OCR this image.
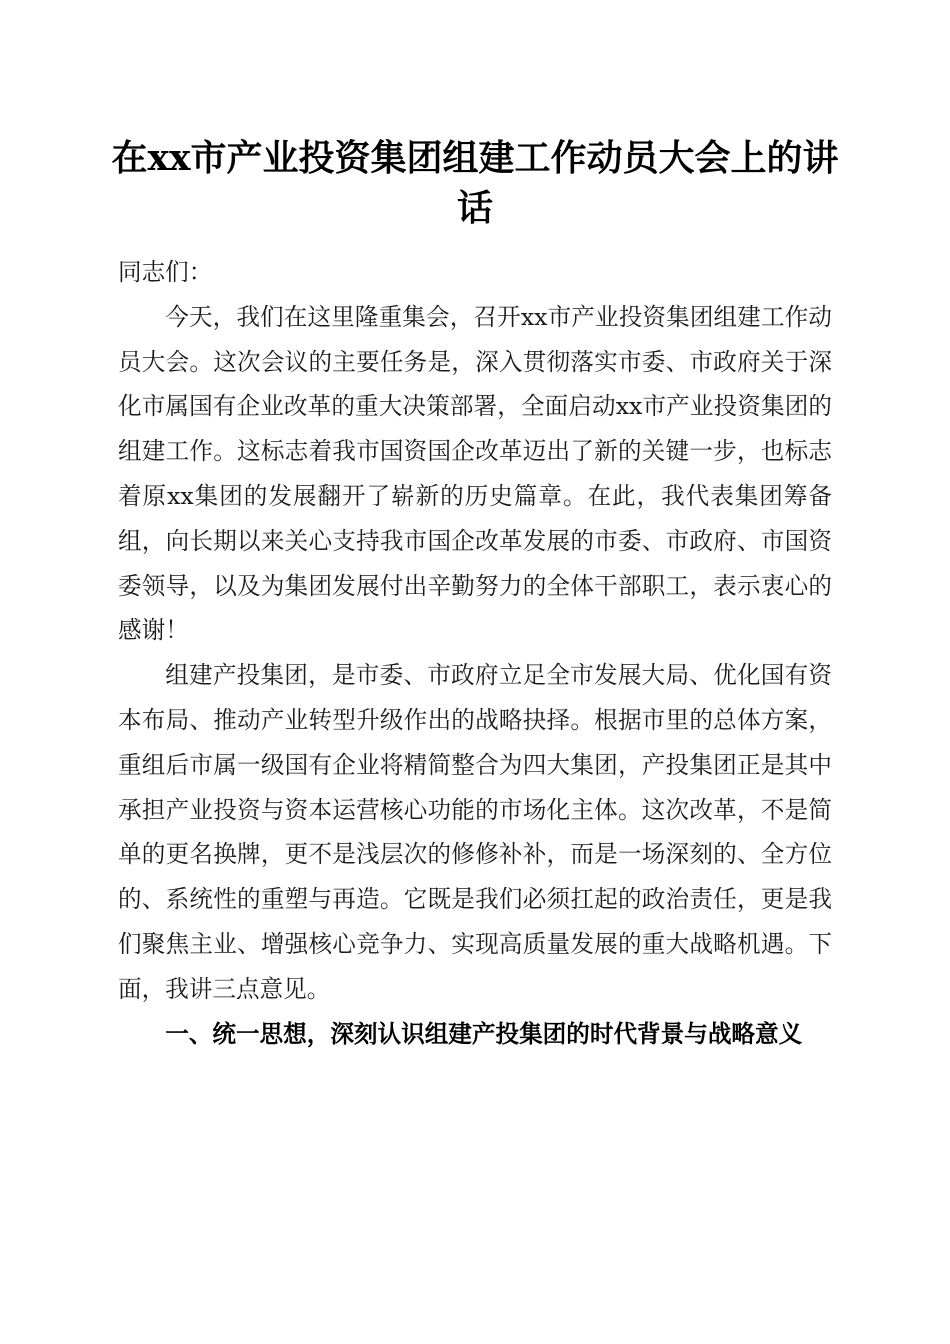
在xx市产业投资集团组建工作动员大会上的讲话

同志们：

今天，我们在这里隆重集会，召开xx市产业投资集团组建工作动员大会。这次会议的主要任务是，深入贯彻落实市委、市政府关于深化市属国有企业改革的重大决策部署，全面启动xx市产业投资集团的组建工作。这标志着我市国资国企改革迈出了新的关键一步，也标志着原xx集团的发展翻开了崭新的历史篇章。在此，我代表集团筹备组，向长期以来关心支持我市国企改革发展的市委、市政府、市国资委领导，以及为集团发展付出辛勤努力的全体干部职工，表示衷心的感谢！

组建产投集团，是市委、市政府立足全市发展大局、优化国有资本布局、推动产业转型升级作出的战略抉择。根据市里的总体方案，重组后市属一级国有企业将精简整合为四大集团，产投集团正是其中承担产业投资与资本运营核心功能的市场化主体。这次改革，不是简单的更名换牌，更不是浅层次的修修补补，而是一场深刻的、全方位的、系统性的重塑与再造。它既是我们必须扛起的政治责任，更是我们聚焦主业、增强核心竞争力、实现高质量发展的重大战略机遇。下面，我讲三点意见。

一、统一思想，深刻认识组建产投集团的时代背景与战略意义
